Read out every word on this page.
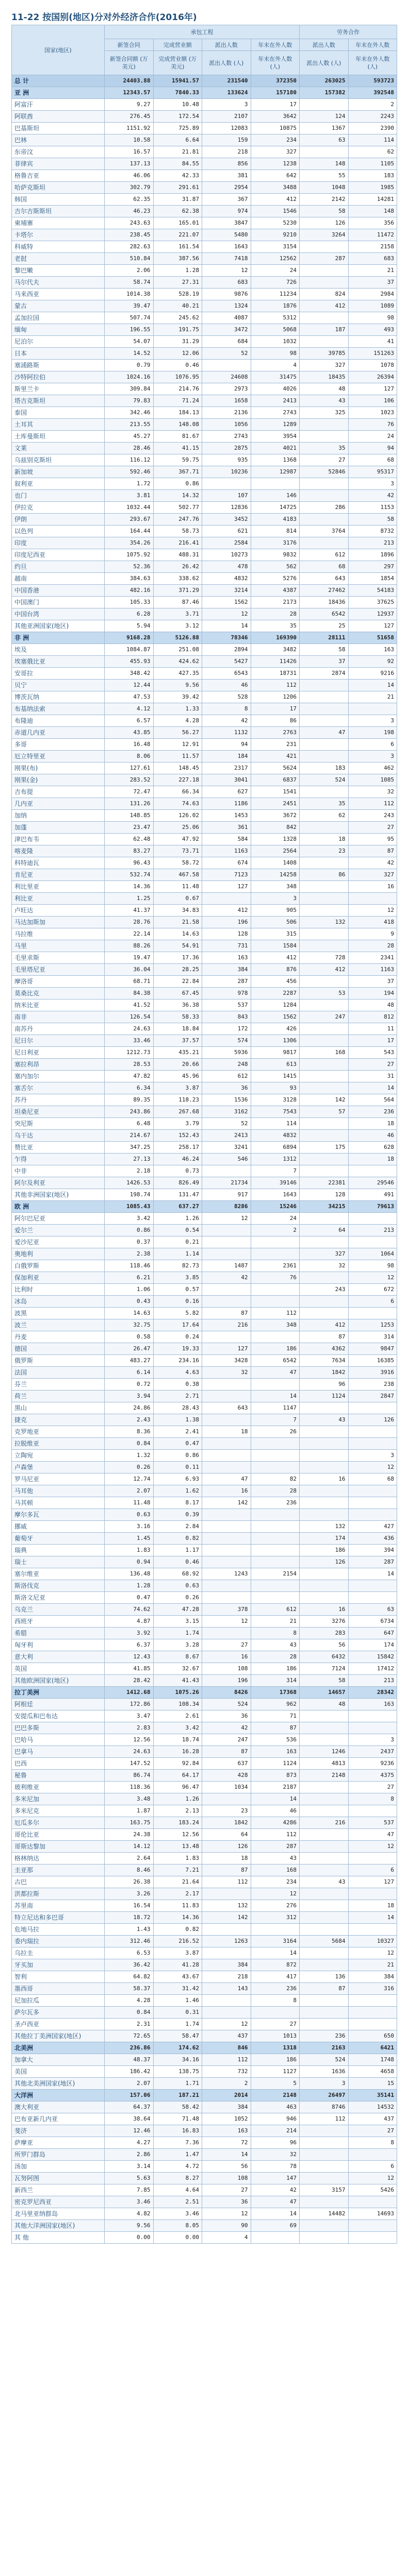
11-22 按国别(地区)分对外经济合作(2016年)
国家(地区)	承包工程				劳务合作	
	新签合同	完成营业额	派出人数	年末在外人数	派出人数	年末在外人数
	新签合同额 (万美元)	完成营业额 (万美元)	派出人数 (人)	年末在外人数 (人)	派出人数 (人)	年末在外人数 (人)
总 计	24403.88	15941.57	231540	372350	263025	593723
亚 洲	12343.57	7840.33	133624	157180	157382	392548
阿富汗	9.27	10.48	3	17		2
阿联酋	276.45	172.54	2107	3642	124	2243
巴基斯坦	1151.92	725.89	12083	10875	1367	2390
巴林	10.58	6.64	159	234	63	114
东帝汶	16.57	21.81	218	327		62
菲律宾	137.13	84.55	856	1238	148	1105
格鲁吉亚	46.06	42.33	381	642	55	183
哈萨克斯坦	302.79	291.61	2954	3488	1048	1985
韩国	62.35	31.87	367	412	2142	14281
吉尔吉斯斯坦	46.23	62.38	974	1546	58	148
柬埔寨	243.63	165.01	3847	5230	126	356
卡塔尔	238.45	221.07	5480	9210	3264	11472
科威特	282.63	161.54	1643	3154		2158
老挝	510.84	387.56	7418	12562	287	683
黎巴嫩	2.06	1.28	12	24		21
马尔代夫	58.74	27.31	683	726		37
马来西亚	1014.38	528.19	9876	11234	824	2984
蒙古	39.47	40.21	1324	1876	412	1089
孟加拉国	507.74	245.62	4087	5312		98
缅甸	196.55	191.75	3472	5068	187	493
尼泊尔	54.07	31.29	684	1032		41
日本	14.52	12.06	52	98	39785	151263
塞浦路斯	0.79	0.46		4	327	1078
沙特阿拉伯	1024.16	1076.95	24608	31475	18435	26394
斯里兰卡	309.84	214.76	2973	4026	48	127
塔吉克斯坦	79.83	71.24	1658	2413	43	106
泰国	342.46	184.13	2136	2743	325	1023
土耳其	213.55	148.08	1056	1289		76
土库曼斯坦	45.27	81.67	2743	3954		24
文莱	28.46	41.15	2875	4021	35	94
乌兹别克斯坦	116.12	59.75	935	1368	27	68
新加坡	592.46	367.71	10236	12987	52846	95317
叙利亚	1.72	0.86				3
也门	3.81	14.32	107	146		42
伊拉克	1032.44	502.77	12836	14725	286	1153
伊朗	293.67	247.76	3452	4183		58
以色列	164.44	58.73	621	814	3764	8732
印度	354.26	216.41	2584	3176		213
印度尼西亚	1075.92	488.31	10273	9832	612	1896
约旦	52.36	26.42	478	562	68	297
越南	384.63	338.62	4832	5276	643	1854
中国香港	482.16	371.29	3214	4387	27462	54183
中国澳门	105.33	87.46	1562	2173	18436	37625
中国台湾	6.28	3.71	12	28	6542	12937
其他亚洲国家(地区)	5.94	3.12	14	35	25	127
非 洲	9168.28	5126.88	78346	169390	28111	51658
埃及	1084.87	251.08	2894	3482	58	163
埃塞俄比亚	455.93	424.62	5427	11426	37	92
安哥拉	348.42	427.35	6543	18731	2874	9216
贝宁	12.44	9.56	46	112		14
博茨瓦纳	47.53	39.42	528	1206		21
布基纳法索	4.12	1.33	8	17		
布隆迪	6.57	4.28	42	86		3
赤道几内亚	43.85	56.27	1132	2763	47	198
多哥	16.48	12.91	94	231		6
厄立特里亚	8.06	11.57	184	421		3
刚果(布)	127.61	148.45	2317	5624	183	462
刚果(金)	283.52	227.18	3041	6837	524	1085
吉布提	72.47	66.34	627	1541		32
几内亚	131.26	74.63	1186	2451	35	112
加纳	148.85	126.02	1453	3672	62	243
加蓬	23.47	25.06	361	842		27
津巴布韦	62.48	47.92	584	1328	18	95
喀麦隆	83.27	73.71	1163	2564	23	87
科特迪瓦	96.43	58.72	674	1408		42
肯尼亚	532.74	467.58	7123	14258	86	327
利比里亚	14.36	11.48	127	348		16
利比亚	1.25	0.67		3		
卢旺达	41.37	34.83	412	905		12
马达加斯加	28.76	21.58	196	506	132	418
马拉维	22.14	14.63	128	315		9
马里	88.26	54.91	731	1584		28
毛里求斯	19.47	17.36	163	412	728	2341
毛里塔尼亚	36.04	28.25	384	876	412	1163
摩洛哥	68.71	22.84	287	456		37
莫桑比克	84.38	67.45	978	2287	53	194
纳米比亚	41.52	36.38	537	1284		48
南非	126.54	58.33	843	1562	247	812
南苏丹	24.63	18.84	172	426		11
尼日尔	33.46	37.57	574	1306		17
尼日利亚	1212.73	435.21	5936	9817	168	543
塞拉利昂	28.53	20.66	248	613		27
塞内加尔	47.82	45.96	612	1415		31
塞舌尔	6.34	3.87	36	93		14
苏丹	89.35	118.23	1536	3128	142	564
坦桑尼亚	243.86	267.68	3162	7543	57	236
突尼斯	6.48	3.79	52	114		18
乌干达	214.67	152.43	2413	4832		46
赞比亚	347.25	258.17	3241	6894	175	628
乍得	27.13	46.24	546	1312		18
中非	2.18	0.73		7		
阿尔及利亚	1426.53	826.49	21734	39146	22381	29546
其他非洲国家(地区)	198.74	131.47	917	1643	128	491
欧 洲	1085.43	637.27	8286	15246	34215	79613
阿尔巴尼亚	3.42	1.26	12	24		
爱尔兰	0.86	0.54		2	64	213
爱沙尼亚	0.37	0.21				
奥地利	2.38	1.14			327	1064
白俄罗斯	118.46	82.73	1487	2361	32	98
保加利亚	6.21	3.85	42	76		12
比利时	1.06	0.57			243	672
冰岛	0.43	0.16				6
波黑	14.63	5.82	87	112		
波兰	32.75	17.64	216	348	412	1253
丹麦	0.58	0.24			87	314
德国	26.47	19.33	127	186	4362	9847
俄罗斯	483.27	234.16	3428	6542	7634	16385
法国	6.14	4.63	32	47	1842	3916
芬兰	0.72	0.38			96	238
荷兰	3.94	2.71		14	1124	2847
黑山	24.86	28.43	643	1147		
捷克	2.43	1.38		7	43	126
克罗地亚	8.36	2.41	18	26		
拉脱维亚	0.84	0.47				
立陶宛	1.32	0.86				3
卢森堡	0.26	0.11				12
罗马尼亚	12.74	6.93	47	82	16	68
马耳他	2.07	1.62	16	28		
马其顿	11.48	8.17	142	236		
摩尔多瓦	0.63	0.39				
挪威	3.16	2.84			132	427
葡萄牙	1.45	0.82			174	436
瑞典	1.83	1.17			186	394
瑞士	0.94	0.46			126	287
塞尔维亚	136.48	68.92	1243	2154		14
斯洛伐克	1.28	0.63				
斯洛文尼亚	0.47	0.26				
乌克兰	74.62	47.28	378	612	16	63
西班牙	4.87	3.15	12	21	3276	6734
希腊	3.92	1.74		8	283	647
匈牙利	6.37	3.28	27	43	56	174
意大利	12.43	8.67	16	28	6432	15842
英国	41.85	32.67	108	186	7124	17412
其他欧洲国家(地区)	28.42	41.43	196	314	58	213
拉丁美洲	1412.68	1075.26	8426	17368	14657	28342
阿根廷	172.86	108.34	524	962	48	163
安提瓜和巴布达	3.47	2.61	36	71		
巴巴多斯	2.83	3.42	42	87		
巴哈马	12.56	18.74	247	536		3
巴拿马	24.63	16.28	87	163	1246	2437
巴西	147.52	92.84	637	1124	4813	9236
秘鲁	86.74	64.17	428	873	2148	4375
玻利维亚	118.36	96.47	1034	2187		27
多米尼加	3.48	1.26		14		8
多米尼克	1.87	2.13	23	46		
厄瓜多尔	163.75	183.24	1842	4286	216	537
哥伦比亚	24.38	12.56	64	112		47
哥斯达黎加	14.12	13.48	126	287		12
格林纳达	2.64	1.83	18	43		
圭亚那	8.46	7.21	87	168		6
古巴	26.38	21.64	112	234	43	127
洪都拉斯	3.26	2.17		12		
苏里南	16.54	11.83	132	276		18
特立尼达和多巴哥	18.72	14.36	142	312		14
危地马拉	1.43	0.82				
委内瑞拉	312.46	216.52	1263	3164	5684	10327
乌拉圭	6.53	3.87		14		12
牙买加	36.42	41.28	384	872		21
智利	64.82	43.67	218	417	136	384
墨西哥	58.37	31.42	143	236	87	316
尼加拉瓜	4.28	1.46		8		
萨尔瓦多	0.84	0.31				
圣卢西亚	2.31	1.74	12	27		
其他拉丁美洲国家(地区)	72.65	58.47	437	1013	236	650
北美洲	236.86	174.62	846	1318	2163	6421
加拿大	48.37	34.16	112	186	524	1748
美国	186.42	138.75	732	1127	1636	4658
其他北美洲国家(地区)	2.07	1.71	2	5	3	15
大洋洲	157.06	187.21	2014	2148	26497	35141
澳大利亚	64.37	58.42	384	463	8746	14532
巴布亚新几内亚	38.64	71.48	1052	946	112	437
斐济	12.46	16.83	163	214		27
萨摩亚	4.27	7.36	72	96		8
所罗门群岛	2.86	1.47	14	32		
汤加	3.14	4.72	56	78		6
瓦努阿图	5.63	8.27	108	147		12
新西兰	7.85	4.64	27	42	3157	5426
密克罗尼西亚	3.46	2.51	36	47		
北马里亚纳群岛	4.82	3.46	12	14	14482	14693
其他大洋洲国家(地区)	9.56	8.05	90	69		
其 他	0.00	0.00	4			
